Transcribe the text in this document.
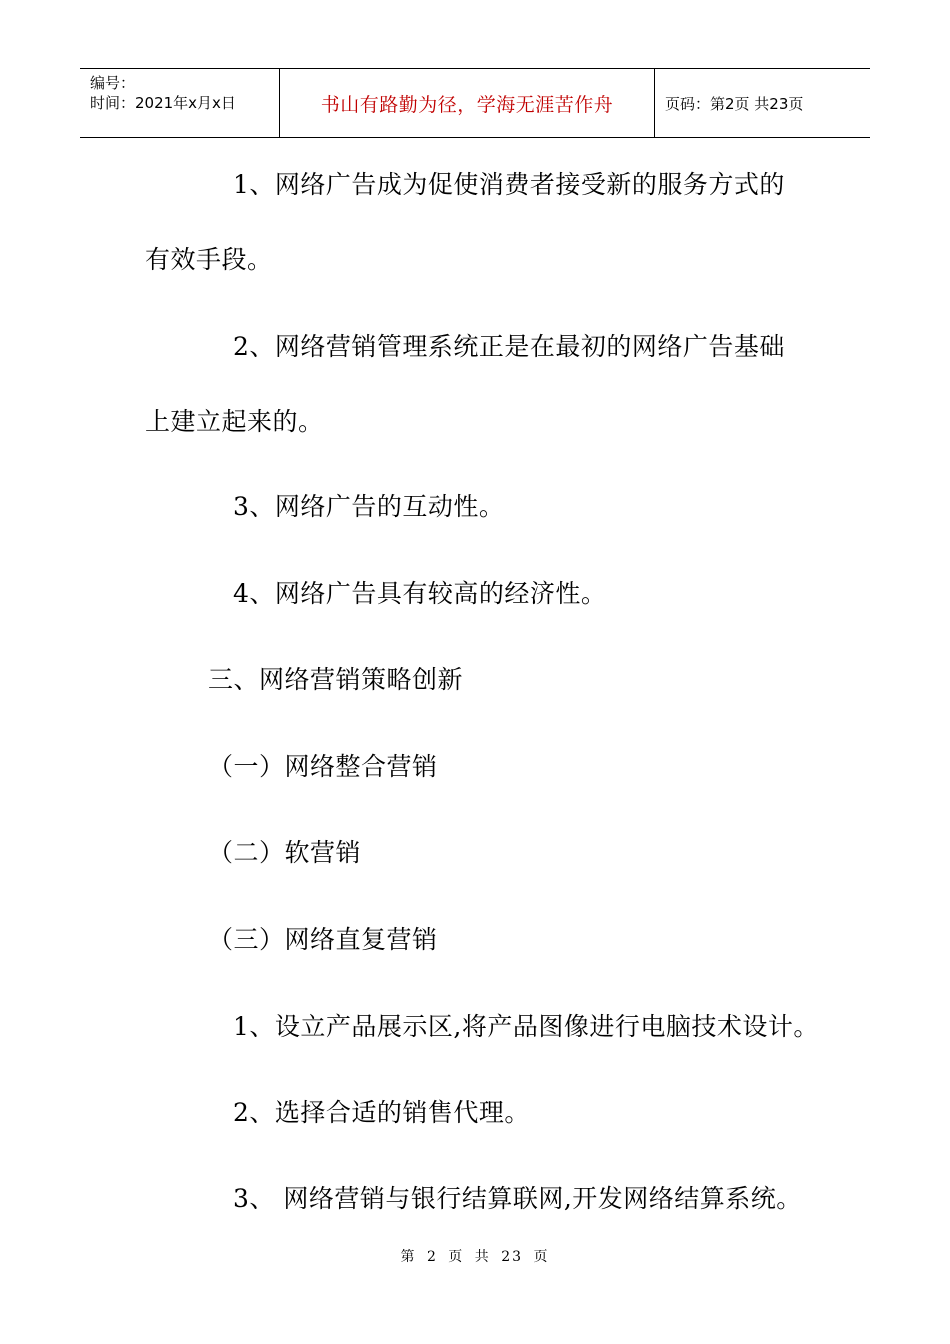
编号：
时间：2021年x月x日	书山有路勤为径，学海无涯苦作舟	页码：第2页 共23页
1、网络广告成为促使消费者接受新的服务方式的
有效手段。
2、网络营销管理系统正是在最初的网络广告基础
上建立起来的。
3、网络广告的互动性。
4、网络广告具有较高的经济性。
三、网络营销策略创新
（一）网络整合营销
（二）软营销
（三）网络直复营销
1、设立产品展示区,将产品图像进行电脑技术设计。
2、选择合适的销售代理。
3、 网络营销与银行结算联网,开发网络结算系统。
第 2 页 共 23 页
